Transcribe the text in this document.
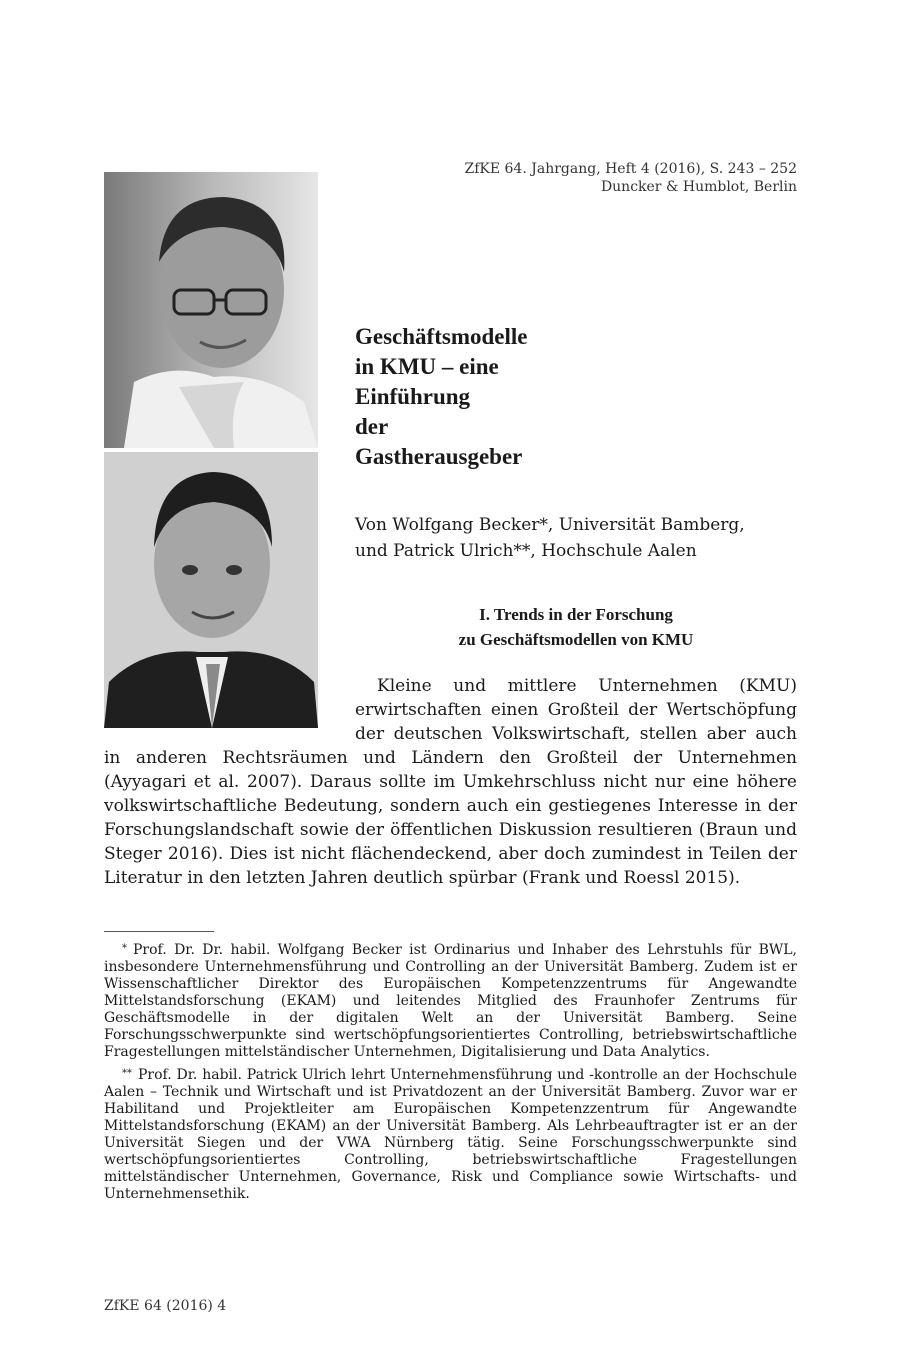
ZfKE 64. Jahrgang, Heft 4 (2016), S. 243 – 252
Duncker & Humblot, Berlin
Geschäftsmodelle
in KMU – eine Einführung
der Gastherausgeber
Von Wolfgang Becker*, Universität Bamberg,
und Patrick Ulrich**, Hochschule Aalen
I. Trends in der Forschung
zu Geschäftsmodellen von KMU

Kleine und mittlere Unternehmen (KMU) erwirtschaften einen Großteil der Wertschöpfung der deutschen Volkswirtschaft, stellen aber auch in anderen Rechtsräumen und Ländern den Großteil der Unternehmen (Ayyagari et al. 2007). Daraus sollte im Umkehrschluss nicht nur eine höhere volkswirtschaftliche Bedeutung, sondern auch ein gestiegenes Interesse in der Forschungslandschaft sowie der öffentlichen Diskussion resultieren (Braun und Steger 2016). Dies ist nicht flächendeckend, aber doch zumindest in Teilen der Literatur in den letzten Jahren deutlich spürbar (Frank und Roessl 2015).

* Prof. Dr. Dr. habil. Wolfgang Becker ist Ordinarius und Inhaber des Lehrstuhls für BWL, insbesondere Unternehmensführung und Controlling an der Universität Bamberg. Zudem ist er Wissenschaftlicher Direktor des Europäischen Kompetenzzentrums für Angewandte Mittelstandsforschung (EKAM) und leitendes Mitglied des Fraunhofer Zentrums für Geschäftsmodelle in der digitalen Welt an der Universität Bamberg. Seine Forschungsschwerpunkte sind wertschöpfungsorientiertes Controlling, betriebswirtschaftliche Fragestellungen mittelständischer Unternehmen, Digitalisierung und Data Analytics.

** Prof. Dr. habil. Patrick Ulrich lehrt Unternehmensführung und -kontrolle an der Hochschule Aalen – Technik und Wirtschaft und ist Privatdozent an der Universität Bamberg. Zuvor war er Habilitand und Projektleiter am Europäischen Kompetenzzentrum für Angewandte Mittelstandsforschung (EKAM) an der Universität Bamberg. Als Lehrbeauftragter ist er an der Universität Siegen und der VWA Nürnberg tätig. Seine Forschungsschwerpunkte sind wertschöpfungsorientiertes Controlling, betriebswirtschaftliche Fragestellungen mittelständischer Unternehmen, Governance, Risk und Compliance sowie Wirtschafts- und Unternehmensethik.

ZfKE 64 (2016) 4
